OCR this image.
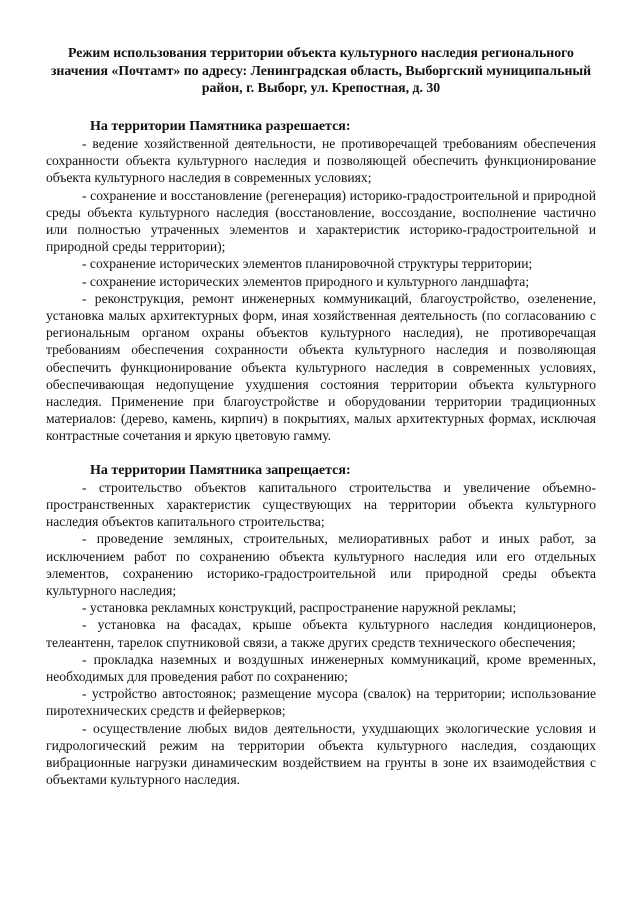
Режим использования территории объекта культурного наследия регионального значения «Почтамт» по адресу: Ленинградская область, Выборгский муниципальный район, г. Выборг, ул. Крепостная, д. 30
На территории Памятника разрешается:

- ведение хозяйственной деятельности, не противоречащей требованиям обеспечения сохранности объекта культурного наследия и позволяющей обеспечить функционирование объекта культурного наследия в современных условиях;

- сохранение и восстановление (регенерация) историко-градостроительной и природной среды объекта культурного наследия (восстановление, воссоздание, восполнение частично или полностью утраченных элементов и характеристик историко-градостроительной и природной среды территории);

- сохранение исторических элементов планировочной структуры территории;

- сохранение исторических элементов природного и культурного ландшафта;

- реконструкция, ремонт инженерных коммуникаций, благоустройство, озеленение, установка малых архитектурных форм, иная хозяйственная деятельность (по согласованию с региональным органом охраны объектов культурного наследия), не противоречащая требованиям обеспечения сохранности объекта культурного наследия и позволяющая обеспечить функционирование объекта культурного наследия в современных условиях, обеспечивающая недопущение ухудшения состояния территории объекта культурного наследия. Применение при благоустройстве и оборудовании территории традиционных материалов: (дерево, камень, кирпич) в покрытиях, малых архитектурных формах, исключая контрастные сочетания и яркую цветовую гамму.

На территории Памятника запрещается:

- строительство объектов капитального строительства и увеличение объемно-пространственных характеристик существующих на территории объекта культурного наследия объектов капитального строительства;

- проведение земляных, строительных, мелиоративных работ и иных работ, за исключением работ по сохранению объекта культурного наследия или его отдельных элементов, сохранению историко-градостроительной или природной среды объекта культурного наследия;

- установка рекламных конструкций, распространение наружной рекламы;

- установка на фасадах, крыше объекта культурного наследия кондиционеров, телеантенн, тарелок спутниковой связи, а также других средств технического обеспечения;

- прокладка наземных и воздушных инженерных коммуникаций, кроме временных, необходимых для проведения работ по сохранению;

- устройство автостоянок; размещение мусора (свалок) на территории; использование пиротехнических средств и фейерверков;

- осуществление любых видов деятельности, ухудшающих экологические условия и гидрологический режим на территории объекта культурного наследия, создающих вибрационные нагрузки динамическим воздействием на грунты в зоне их взаимодействия с объектами культурного наследия.
